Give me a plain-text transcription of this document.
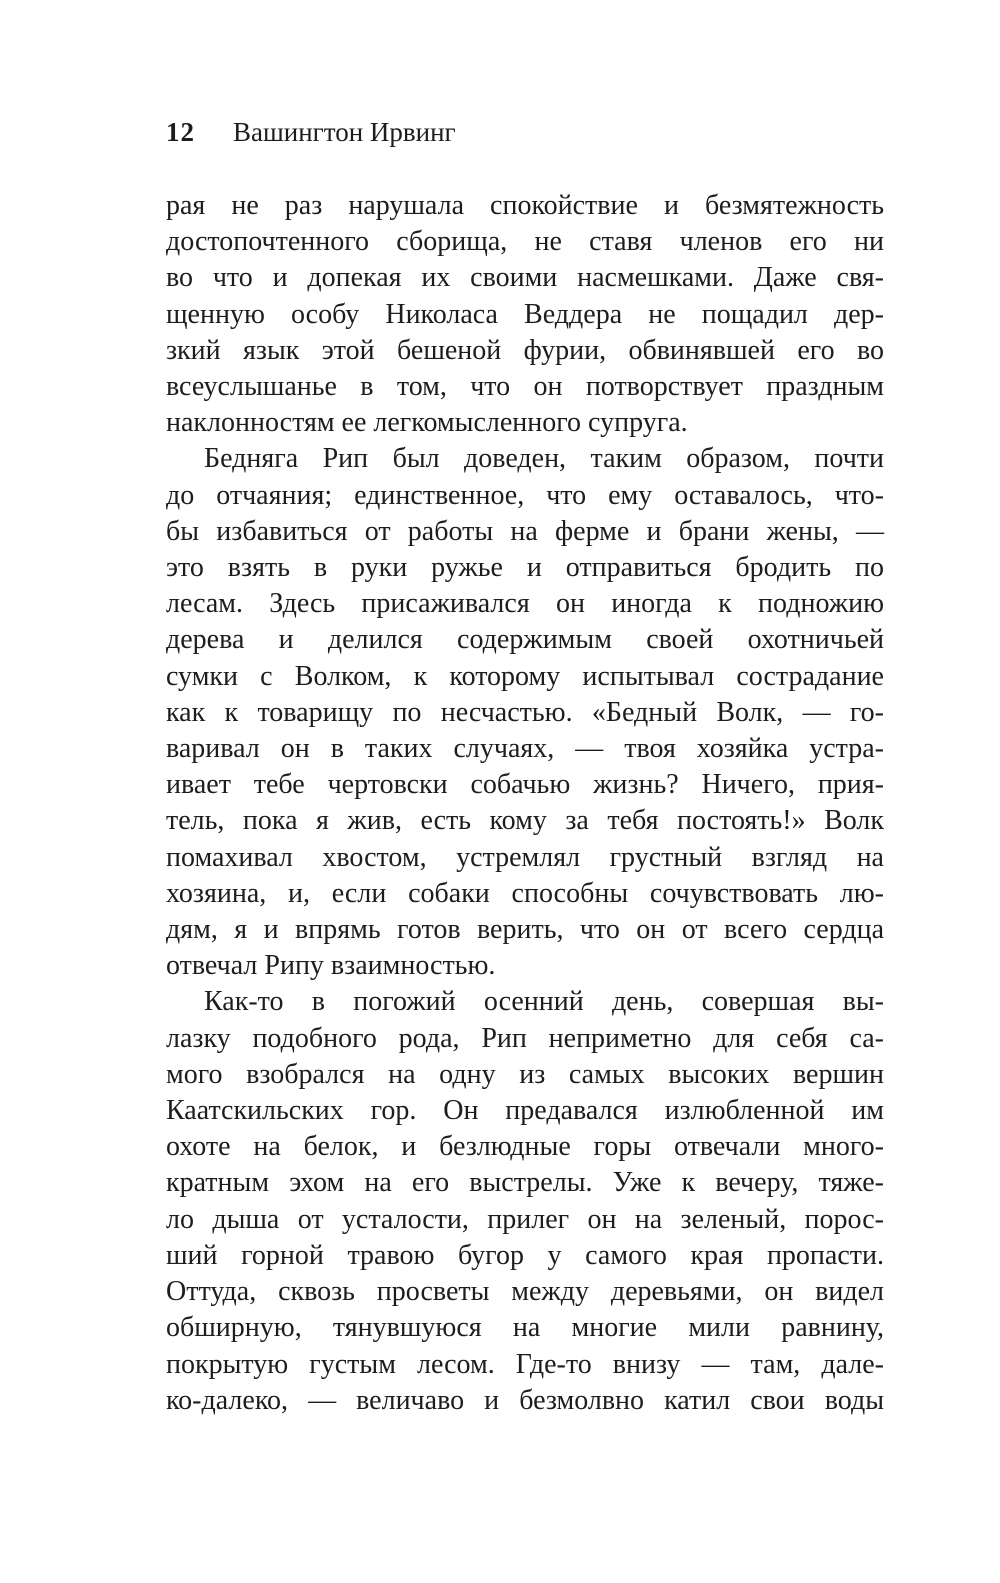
12 Вашингтон Ирвинг
рая не раз нарушала спокойствие и безмятежность
достопочтенного сборища, не ставя членов его ни
во что и допекая их своими насмешками. Даже свя-
щенную особу Николаса Веддера не пощадил дер-
зкий язык этой бешеной фурии, обвинявшей его во
всеуслышанье в том, что он потворствует праздным
наклонностям ее легкомысленного супруга.
Бедняга Рип был доведен, таким образом, почти
до отчаяния; единственное, что ему оставалось, что-
бы избавиться от работы на ферме и брани жены, —
это взять в руки ружье и отправиться бродить по
лесам. Здесь присаживался он иногда к подножию
дерева и делился содержимым своей охотничьей
сумки с Волком, к которому испытывал сострадание
как к товарищу по несчастью. «Бедный Волк, — го-
варивал он в таких случаях, — твоя хозяйка устра-
ивает тебе чертовски собачью жизнь? Ничего, прия-
тель, пока я жив, есть кому за тебя постоять!» Волк
помахивал хвостом, устремлял грустный взгляд на
хозяина, и, если собаки способны сочувствовать лю-
дям, я и впрямь готов верить, что он от всего сердца
отвечал Рипу взаимностью.
Как-то в погожий осенний день, совершая вы-
лазку подобного рода, Рип неприметно для себя са-
мого взобрался на одну из самых высоких вершин
Каатскильских гор. Он предавался излюбленной им
охоте на белок, и безлюдные горы отвечали много-
кратным эхом на его выстрелы. Уже к вечеру, тяже-
ло дыша от усталости, прилег он на зеленый, порос-
ший горной травою бугор у самого края пропасти.
Оттуда, сквозь просветы между деревьями, он видел
обширную, тянувшуюся на многие мили равнину,
покрытую густым лесом. Где-то внизу — там, дале-
ко-далеко, — величаво и безмолвно катил свои воды
